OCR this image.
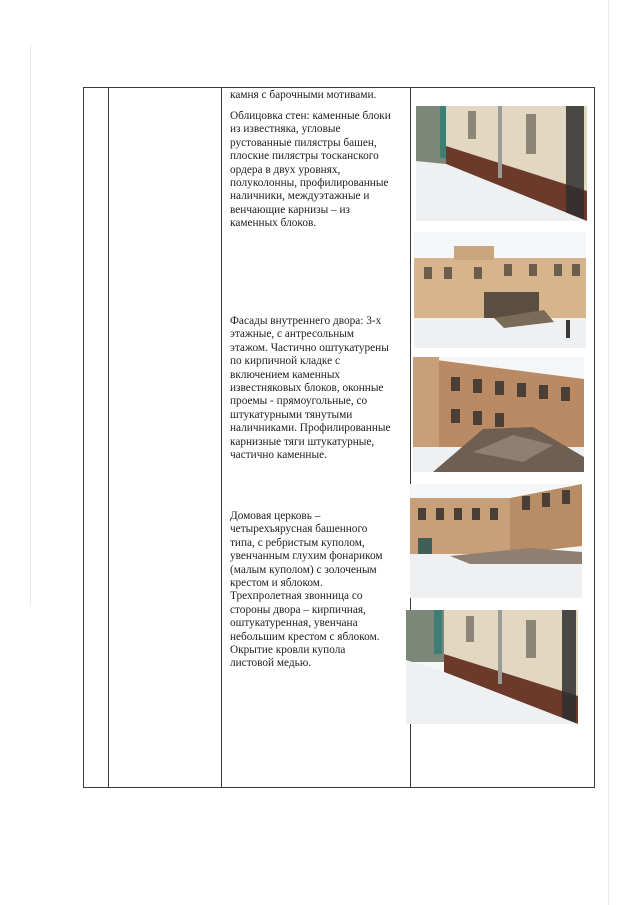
камня с барочными мотивами.

Облицовка стен: каменные блоки
из известняка, угловые
рустованные пилястры башен,
плоские пилястры тосканского
ордера в двух уровнях,
полуколонны, профилированные
наличники, междуэтажные и
венчающие карнизы – из
каменных блоков.

Фасады внутреннего двора: 3-х
этажные, с антресольным
этажом. Частично оштукатурены
по кирпичной кладке с
включением каменных
известняковых блоков, оконные
проемы - прямоугольные, со
штукатурными тянутыми
наличниками. Профилированные
карнизные тяги штукатурные,
частично каменные.

Домовая церковь –
четырехъярусная башенного
типа, с ребристым куполом,
увенчанным глухим фонариком
(малым куполом) с золоченым
крестом и яблоком.
Трехпролетная звонница со
стороны двора – кирпичная,
оштукатуренная, увенчана
небольшим крестом с яблоком.
Окрытие кровли купола
листовой медью.
